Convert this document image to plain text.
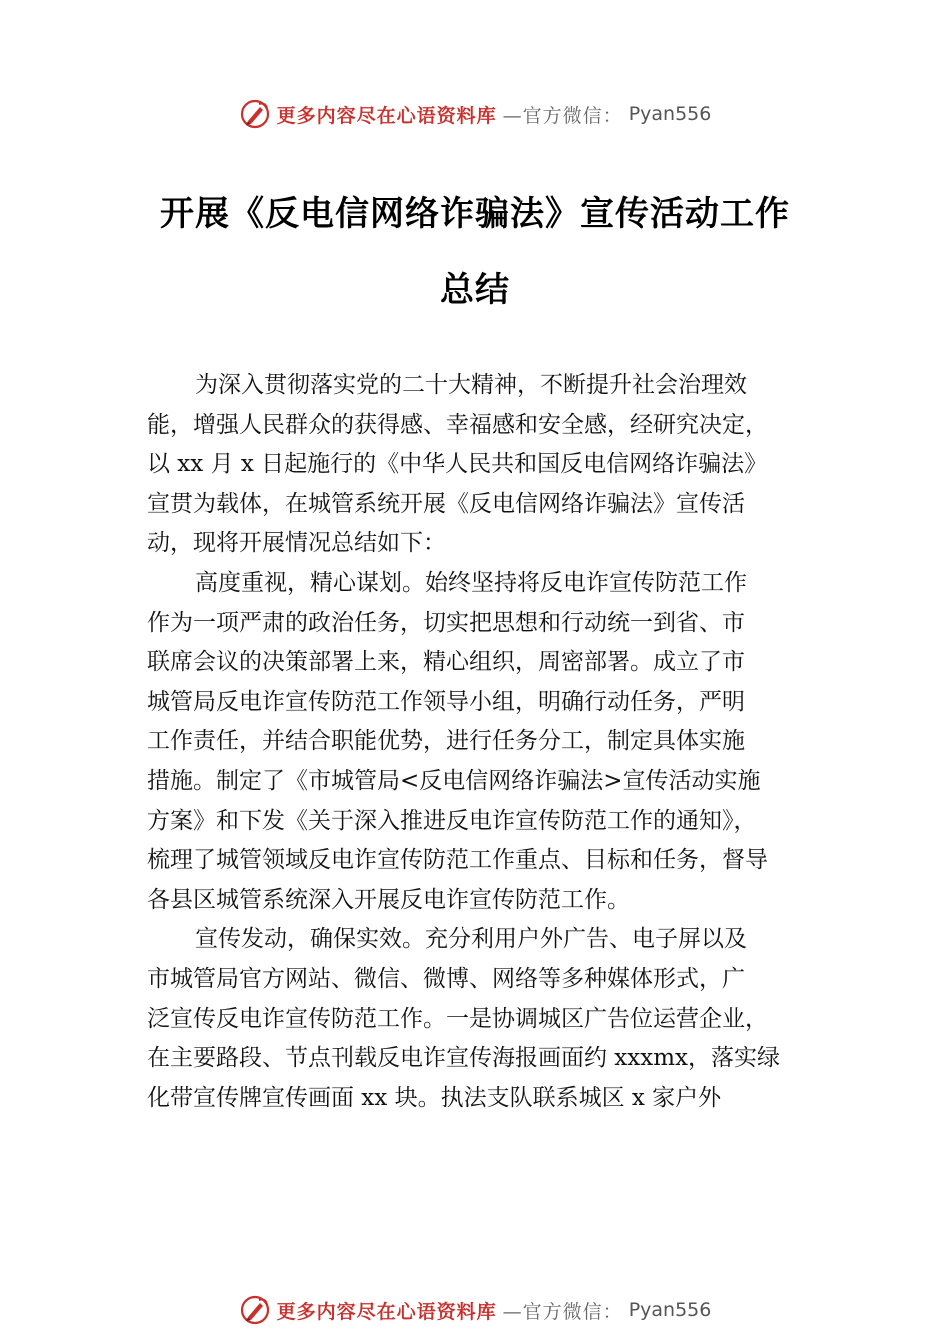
更多内容尽在心语资料库 —官方微信： Pyan556
开展《反电信网络诈骗法》宣传活动工作
总结
为深入贯彻落实党的二十大精神，不断提升社会治理效
能，增强人民群众的获得感、幸福感和安全感，经研究决定，
以 xx 月 x 日起施行的《中华人民共和国反电信网络诈骗法》
宣贯为载体，在城管系统开展《反电信网络诈骗法》宣传活
动，现将开展情况总结如下：
高度重视，精心谋划。始终坚持将反电诈宣传防范工作
作为一项严肃的政治任务，切实把思想和行动统一到省、市
联席会议的决策部署上来，精心组织，周密部署。成立了市
城管局反电诈宣传防范工作领导小组，明确行动任务，严明
工作责任，并结合职能优势，进行任务分工，制定具体实施
措施。制定了《市城管局<反电信网络诈骗法>宣传活动实施
方案》和下发《关于深入推进反电诈宣传防范工作的通知》，
梳理了城管领域反电诈宣传防范工作重点、目标和任务，督导
各县区城管系统深入开展反电诈宣传防范工作。
宣传发动，确保实效。充分利用户外广告、电子屏以及
市城管局官方网站、微信、微博、网络等多种媒体形式，广
泛宣传反电诈宣传防范工作。一是协调城区广告位运营企业，
在主要路段、节点刊载反电诈宣传海报画面约 xxxmx，落实绿
化带宣传牌宣传画面 xx 块。执法支队联系城区 x 家户外
更多内容尽在心语资料库 —官方微信： Pyan556
